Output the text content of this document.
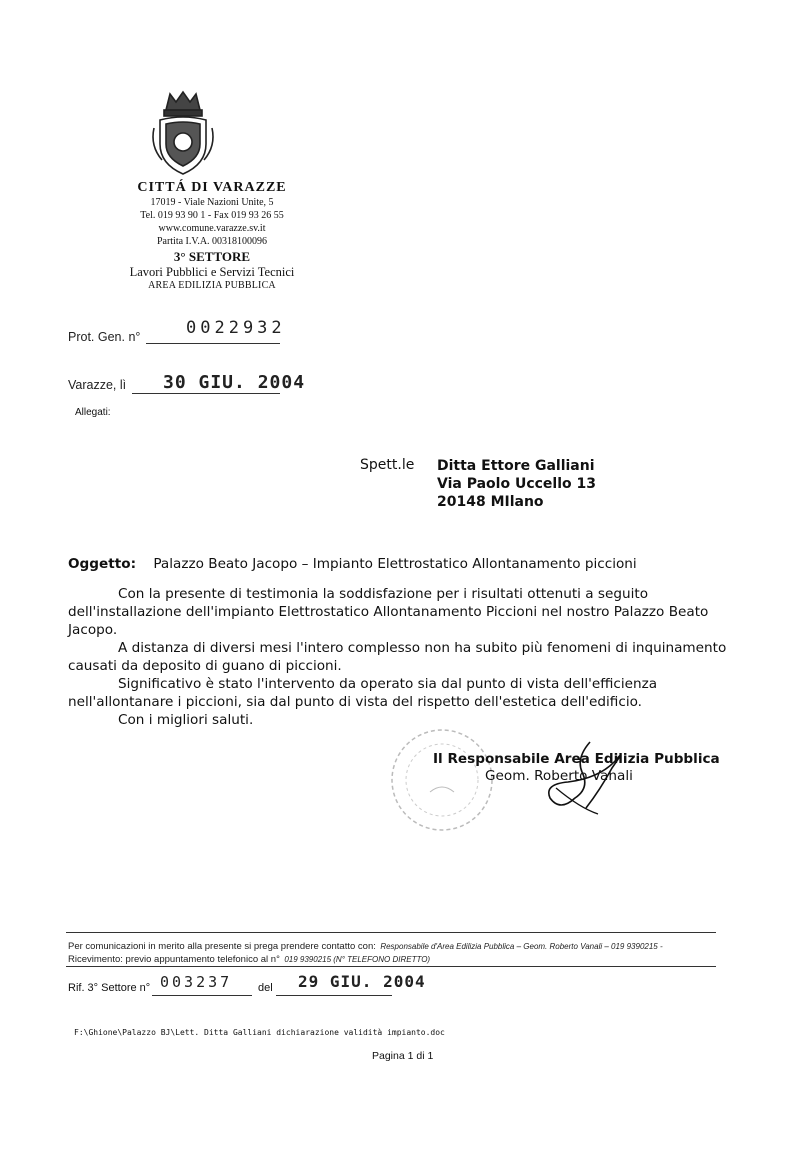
CITTÁ DI VARAZZE
17019 - Viale Nazioni Unite, 5
Tel. 019 93 90 1 - Fax 019 93 26 55
www.comune.varazze.sv.it
Partita I.V.A. 00318100096
3° SETTORE
Lavori Pubblici e Servizi Tecnici
AREA EDILIZIA PUBBLICA
Prot. Gen. n°	0022932
Varazze, lì 30 GIU. 2004
Allegati:
Spett.le Ditta Ettore Galliani
Via Paolo Uccello 13
20148 MIlano
Oggetto: Palazzo Beato Jacopo – Impianto Elettrostatico Allontanamento piccioni
Con la presente di testimonia la soddisfazione per i risultati ottenuti a seguito dell'installazione dell'impianto Elettrostatico Allontanamento Piccioni nel nostro Palazzo Beato Jacopo.
A distanza di diversi mesi l'intero complesso non ha subito più fenomeni di inquinamento causati da deposito di guano di piccioni.
Significativo è stato l'intervento da operato sia dal punto di vista dell'efficienza nell'allontanare i piccioni, sia dal punto di vista del rispetto dell'estetica dell'edificio.
Con i migliori saluti.
Il Responsabile Area Edilizia Pubblica
Geom. Roberto Vanali
Per comunicazioni in merito alla presente si prega prendere contatto con: Responsabile d'Area Edilizia Pubblica – Geom. Roberto Vanali – 019 9390215 -
Ricevimento: previo appuntamento telefonico al n° 019 9390215 (N° TELEFONO DIRETTO)
Rif. 3° Settore n° 003237 del 29 GIU. 2004
F:\Ghione\Palazzo BJ\Lett. Ditta Galliani dichiarazione validità impianto.doc
Pagina 1 di 1
